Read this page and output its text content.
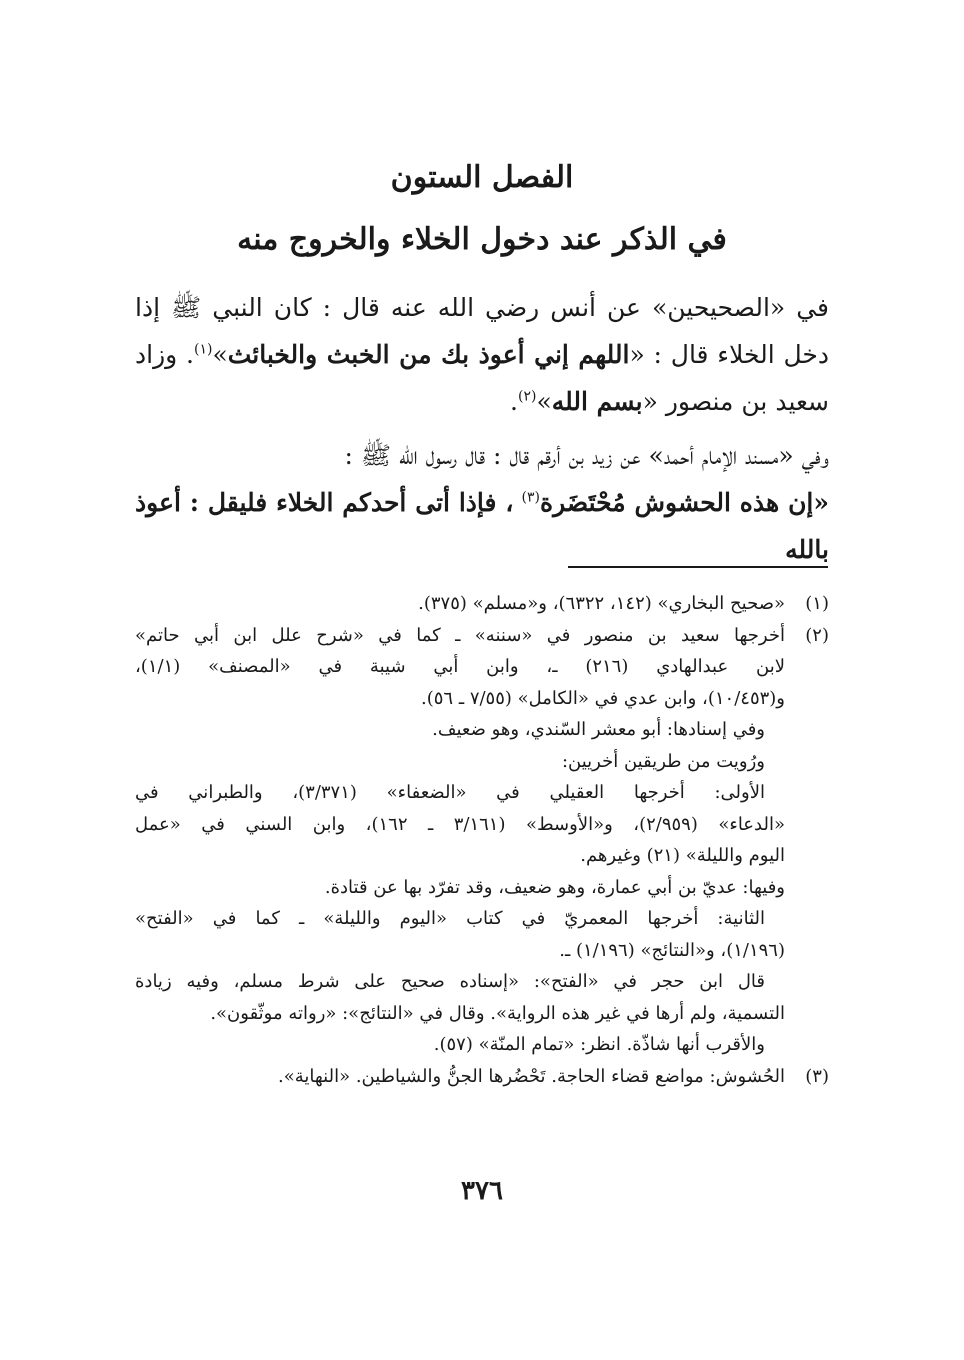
الفصل الستون
في الذكر عند دخول الخلاء والخروج منه
في «الصحيحين» عن أنس رضي الله عنه قال : كان النبي ﷺ إذا دخل الخلاء قال : «اللهم إني أعوذ بك من الخبث والخبائث»$^{(١)}$. وزاد سعيد بن منصور «بسم الله»$^{(٢)}$.
وفي «مسند الإمام أحمد» عن زيد بن أرقم قال : قال رسول الله ﷺ :
«إن هذه الحشوش مُحْتَضَرة$^{(٣)}$ ، فإذا أتى أحدكم الخلاء فليقل : أعوذ بالله
(١)
«صحيح البخاري» (١٤٢، ٦٣٢٢)، و«مسلم» (٣٧٥).
(٢)
أخرجها سعيد بن منصور في «سننه» ـ كما في «شرح علل ابن أبي حاتم»
لابن عبدالهادي (٢١٦) ـ، وابن أبي شيبة في «المصنف» (١/١)،
و(١٠/٤٥٣)، وابن عدي في «الكامل» (٧/٥٥ ـ ٥٦).
وفي إسنادها: أبو معشر السّندي، وهو ضعيف.
ورُويت من طريقين أخريين:
الأولى: أخرجها العقيلي في «الضعفاء» (٣/٣٧١)، والطبراني في
«الدعاء» (٢/٩٥٩)، و«الأوسط» (٣/١٦١ ـ ١٦٢)، وابن السني في «عمل
اليوم والليلة» (٢١) وغيرهم.
وفيها: عديّ بن أبي عمارة، وهو ضعيف، وقد تفرّد بها عن قتادة.
الثانية: أخرجها المعمريّ في كتاب «اليوم والليلة» ـ كما في «الفتح»
(١/١٩٦)، و«النتائج» (١/١٩٦) ـ.
قال ابن حجر في «الفتح»: «إسناده صحيح على شرط مسلم، وفيه زيادة
التسمية، ولم أرها في غير هذه الرواية». وقال في «النتائج»: «رواته موثّقون».
والأقرب أنها شاذّة. انظر: «تمام المنّة» (٥٧).
(٣)
الحُشوش: مواضع قضاء الحاجة. تَحْضُرها الجنُّ والشياطين. «النهاية».
٣٧٦
